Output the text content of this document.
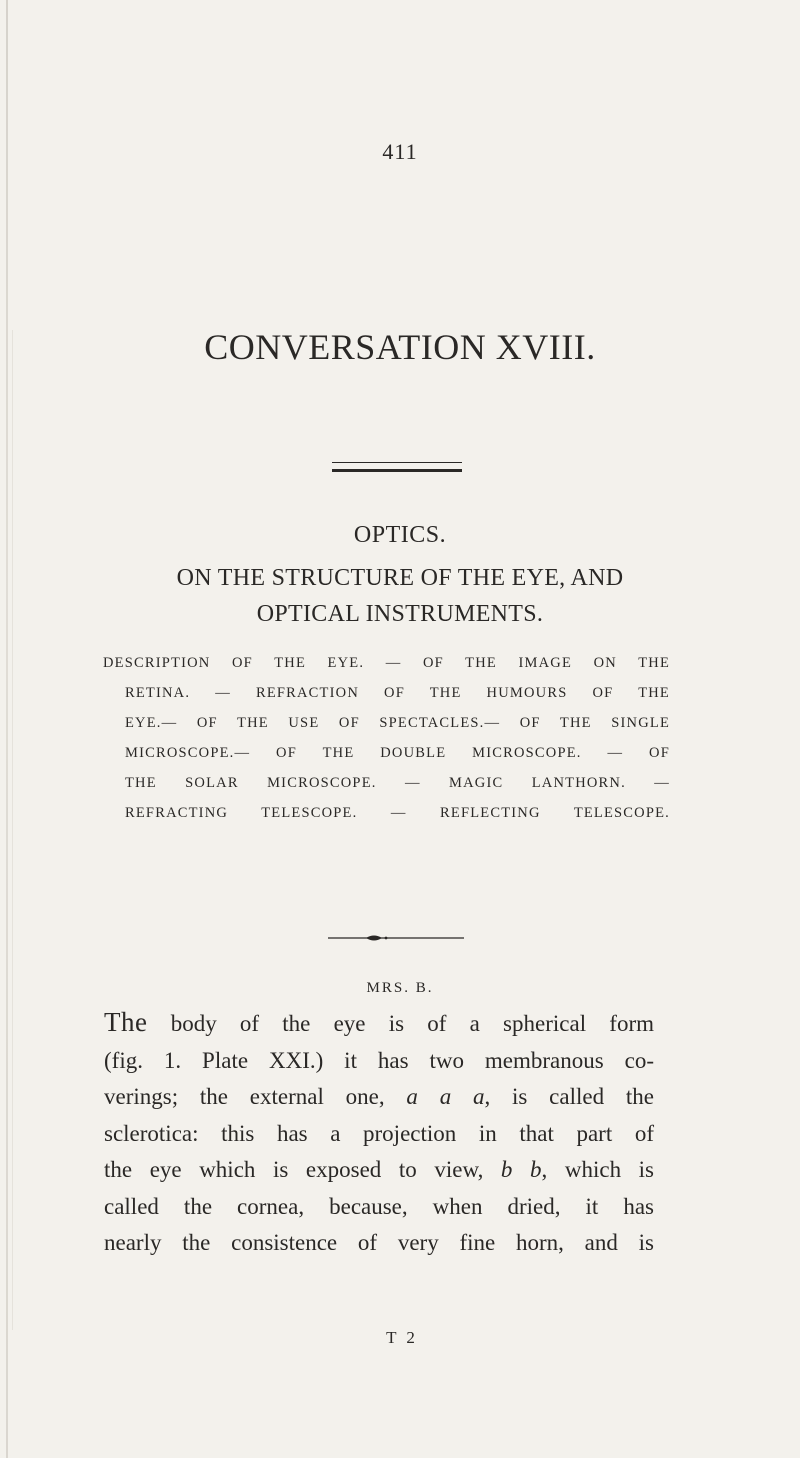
411
CONVERSATION XVIII.
OPTICS.
ON THE STRUCTURE OF THE EYE, AND
OPTICAL INSTRUMENTS.
DESCRIPTION OF THE EYE. — OF THE IMAGE ON THE
RETINA. — REFRACTION OF THE HUMOURS OF THE
EYE.— OF THE USE OF SPECTACLES.— OF THE SINGLE
MICROSCOPE.— OF THE DOUBLE MICROSCOPE. — OF
THE SOLAR MICROSCOPE. — MAGIC LANTHORN. —
REFRACTING TELESCOPE. — REFLECTING TELESCOPE.
MRS. B.
The body of the eye is of a spherical form
(fig. 1. Plate XXI.) it has two membranous co-
verings; the external one, a a a, is called the
sclerotica: this has a projection in that part of
the eye which is exposed to view, b b, which is
called the cornea, because, when dried, it has
nearly the consistence of very fine horn, and is
T 2
